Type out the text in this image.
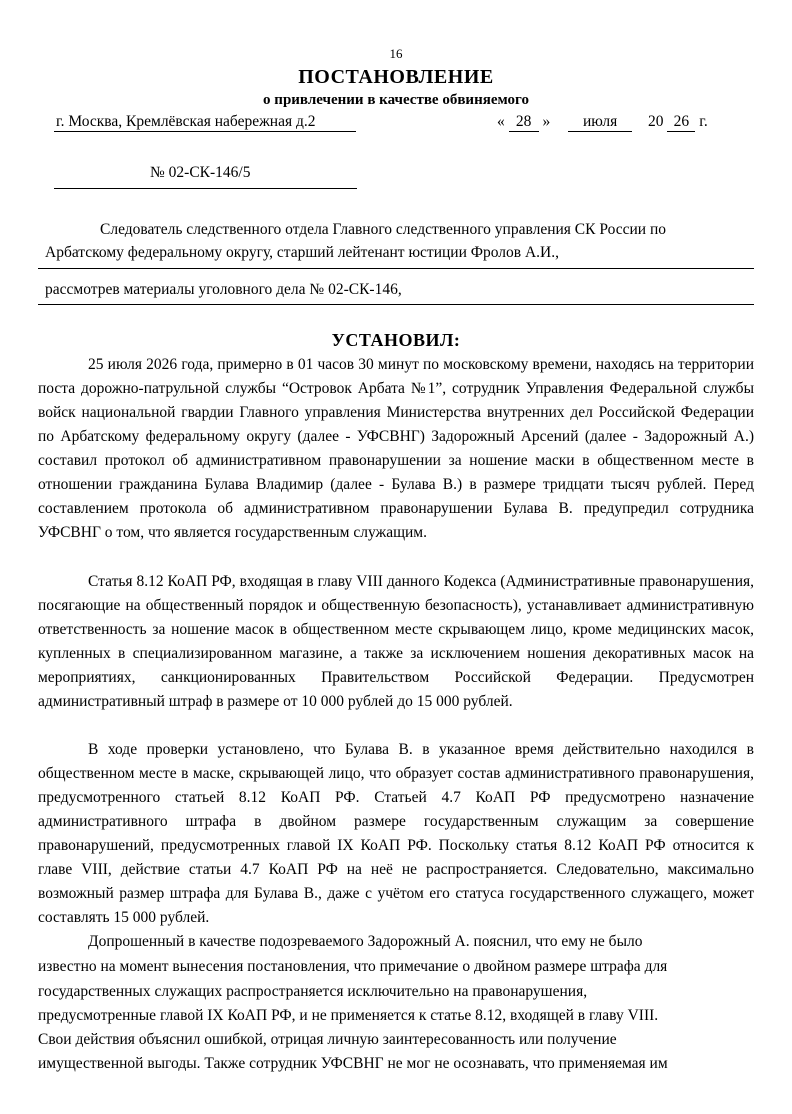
16
ПОСТАНОВЛЕНИЕ
о привлечении в качестве обвиняемого
г. Москва, Кремлёвская набережная д.2	« 28 » июля 20 26 г.
№ 02-СК-146/5
Следователь следственного отдела Главного следственного управления СК России по
Арбатскому федеральному округу, старший лейтенант юстиции Фролов А.И.,
рассмотрев материалы уголовного дела № 02-СК-146,
УСТАНОВИЛ:

25 июля 2026 года, примерно в 01 часов 30 минут по московскому времени, находясь на территории поста дорожно-патрульной службы “Островок Арбата №1”, сотрудник Управления Федеральной службы войск национальной гвардии Главного управления Министерства внутренних дел Российской Федерации по Арбатскому федеральному округу (далее - УФСВНГ) Задорожный Арсений (далее - Задорожный А.) составил протокол об административном правонарушении за ношение маски в общественном месте в отношении гражданина Булава Владимир (далее - Булава В.) в размере тридцати тысяч рублей. Перед составлением протокола об административном правонарушении Булава В. предупредил сотрудника УФСВНГ о том, что является государственным служащим.

Статья 8.12 КоАП РФ, входящая в главу VIII данного Кодекса (Административные правонарушения, посягающие на общественный порядок и общественную безопасность), устанавливает административную ответственность за ношение масок в общественном месте скрывающем лицо, кроме медицинских масок, купленных в специализированном магазине, а также за исключением ношения декоративных масок на мероприятиях, санкционированных Правительством Российской Федерации. Предусмотрен административный штраф в размере от 10 000 рублей до 15 000 рублей.

В ходе проверки установлено, что Булава В. в указанное время действительно находился в общественном месте в маске, скрывающей лицо, что образует состав административного правонарушения, предусмотренного статьей 8.12 КоАП РФ. Статьей 4.7 КоАП РФ предусмотрено назначение административного штрафа в двойном размере государственным служащим за совершение правонарушений, предусмотренных главой IX КоАП РФ. Поскольку статья 8.12 КоАП РФ относится к главе VIII, действие статьи 4.7 КоАП РФ на неё не распространяется. Следовательно, максимально возможный размер штрафа для Булава В., даже с учётом его статуса государственного служащего, может составлять 15 000 рублей.

Допрошенный в качестве подозреваемого Задорожный А. пояснил, что ему не было
известно на момент вынесения постановления, что примечание о двойном размере штрафа для
государственных служащих распространяется исключительно на правонарушения,
предусмотренные главой IX КоАП РФ, и не применяется к статье 8.12, входящей в главу VIII.
Свои действия объяснил ошибкой, отрицая личную заинтересованность или получение
имущественной выгоды. Также сотрудник УФСВНГ не мог не осознавать, что применяемая им
